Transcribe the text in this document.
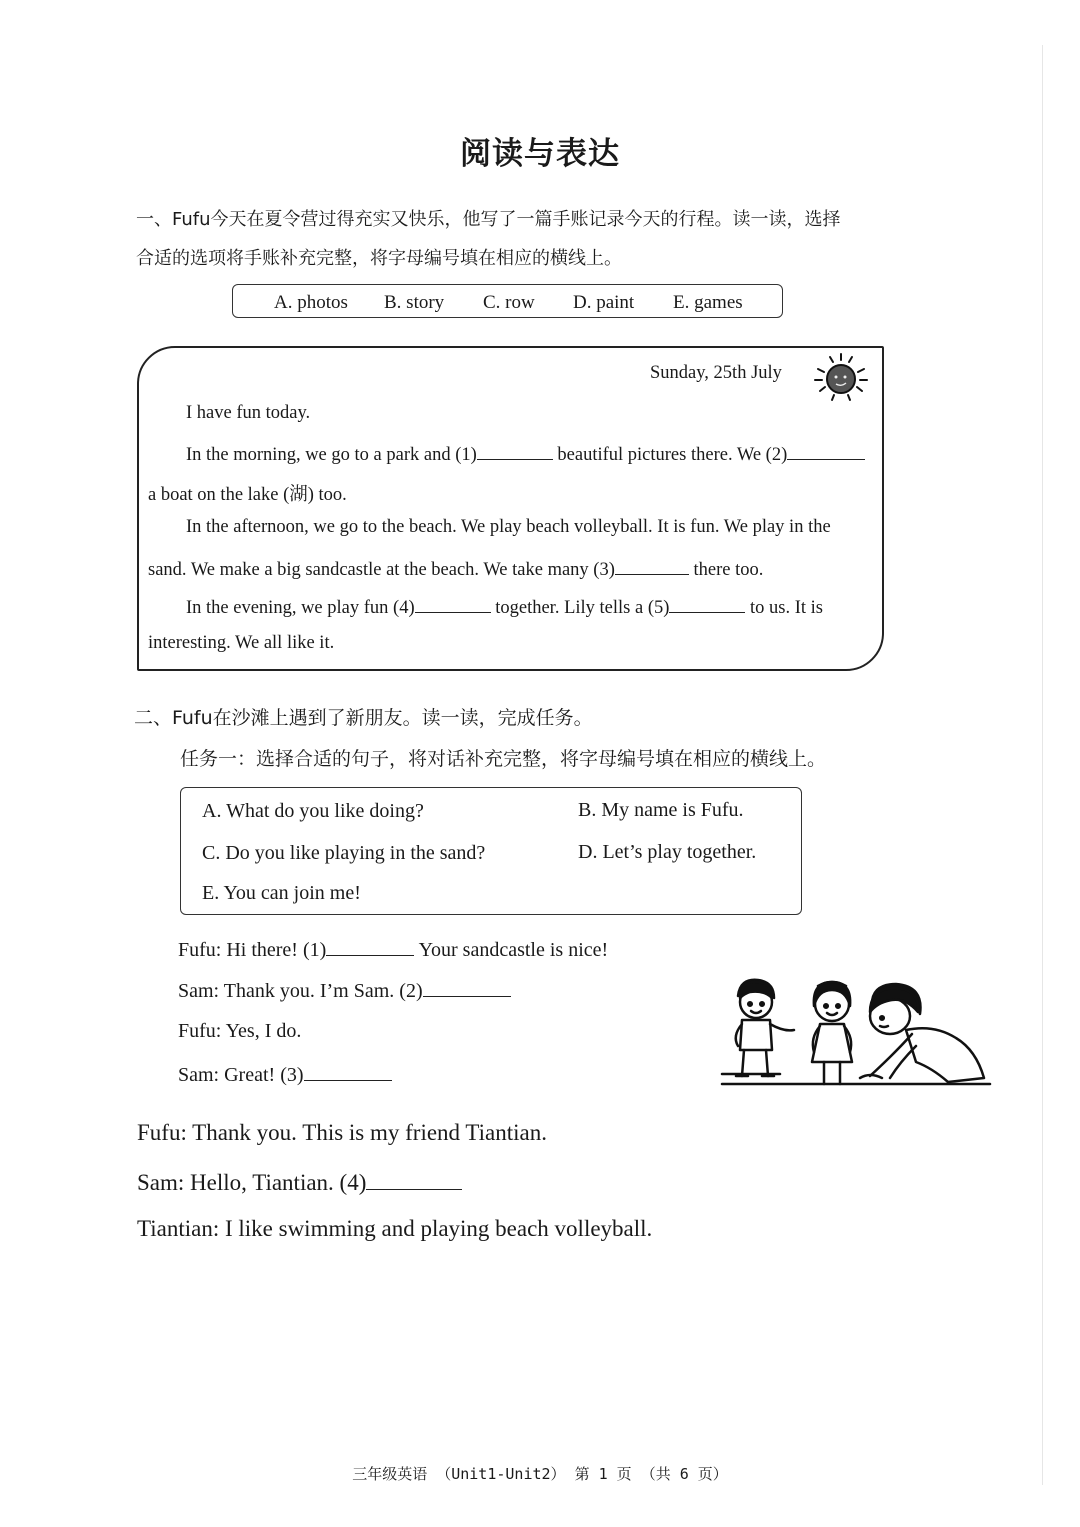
阅读与表达
一、Fufu今天在夏令营过得充实又快乐，他写了一篇手账记录今天的行程。读一读，选择
合适的选项将手账补充完整，将字母编号填在相应的横线上。
A. photos B. story C. row D. paint E. games
Sunday, 25th July
I have fun today.
In the morning, we go to a park and (1)	beautiful pictures there. We (2)
a boat on the lake (湖) too.
In the afternoon, we go to the beach. We play beach volleyball. It is fun. We play in the
sand. We make a big sandcastle at the beach. We take many (3)	there too.
In the evening, we play fun (4)	together. Lily tells a (5)	to us. It is
interesting. We all like it.
二、Fufu在沙滩上遇到了新朋友。读一读，完成任务。
任务一：选择合适的句子，将对话补充完整，将字母编号填在相应的横线上。
A. What do you like doing?	B. My name is Fufu.
C. Do you like playing in the sand?	D. Let’s play together.
E. You can join me!
Fufu: Hi there! (1)	Your sandcastle is nice!
Sam: Thank you. I’m Sam. (2)
Fufu: Yes, I do.
Sam: Great! (3)
Fufu: Thank you. This is my friend Tiantian.
Sam: Hello, Tiantian. (4)
Tiantian: I like swimming and playing beach volleyball.
三年级英语 （Unit1-Unit2） 第 1 页 （共 6 页）
